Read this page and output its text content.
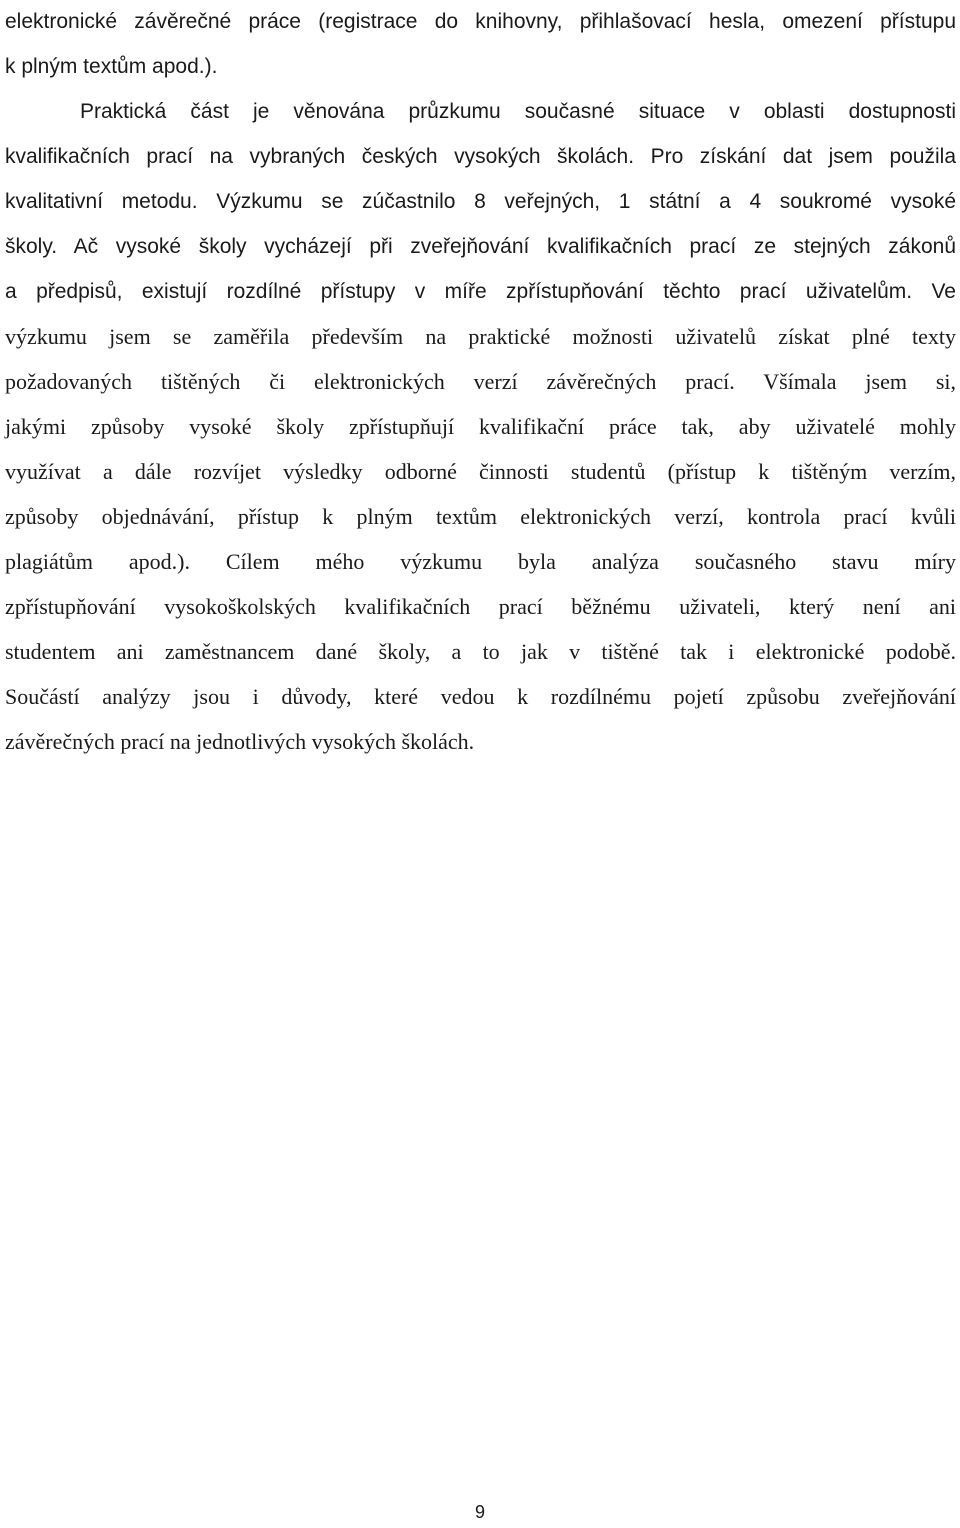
elektronické závěrečné práce (registrace do knihovny, přihlašovací hesla, omezení přístupu
k plným textům apod.).
Praktická část je věnována průzkumu současné situace v oblasti dostupnosti
kvalifikačních prací na vybraných českých vysokých školách. Pro získání dat jsem použila
kvalitativní metodu. Výzkumu se zúčastnilo 8 veřejných, 1 státní a 4 soukromé vysoké
školy. Ač vysoké školy vycházejí při zveřejňování kvalifikačních prací ze stejných zákonů
a předpisů, existují rozdílné přístupy v míře zpřístupňování těchto prací uživatelům. Ve
výzkumu jsem se zaměřila především na praktické možnosti uživatelů získat plné texty
požadovaných tištěných či elektronických verzí závěrečných prací. Všímala jsem si,
jakými způsoby vysoké školy zpřístupňují kvalifikační práce tak, aby uživatelé mohly
využívat a dále rozvíjet výsledky odborné činnosti studentů (přístup k tištěným verzím,
způsoby objednávání, přístup k plným textům elektronických verzí, kontrola prací kvůli
plagiátům apod.). Cílem mého výzkumu byla analýza současného stavu míry
zpřístupňování vysokoškolských kvalifikačních prací běžnému uživateli, který není ani
studentem ani zaměstnancem dané školy, a to jak v tištěné tak i elektronické podobě.
Součástí analýzy jsou i důvody, které vedou k rozdílnému pojetí způsobu zveřejňování
závěrečných prací na jednotlivých vysokých školách.
9
